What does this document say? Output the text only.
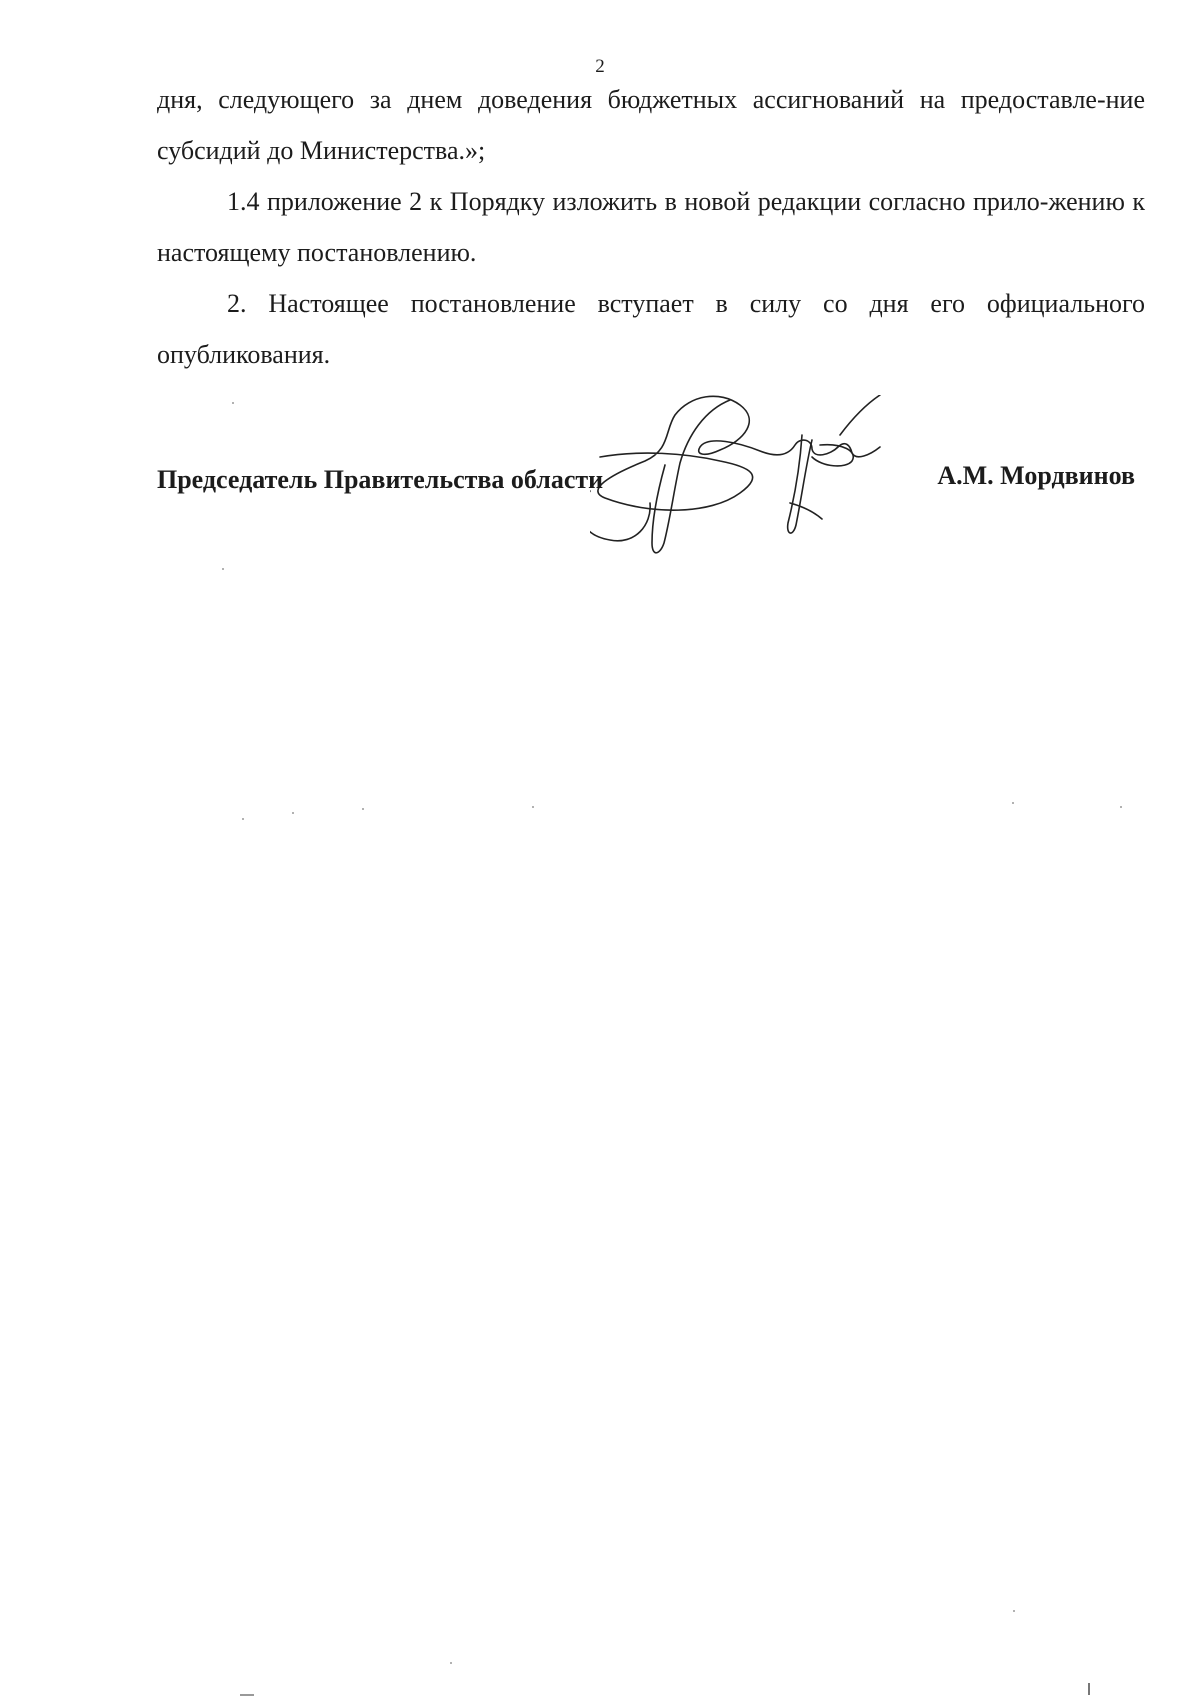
2

дня, следующего за днем доведения бюджетных ассигнований на предоставле-ние субсидий до Министерства.»;

1.4 приложение 2 к Порядку изложить в новой редакции согласно прило-жению к настоящему постановлению.

2. Настоящее постановление вступает в силу со дня его официального опубликования.

Председатель Правительства области	А.М. Мордвинов
